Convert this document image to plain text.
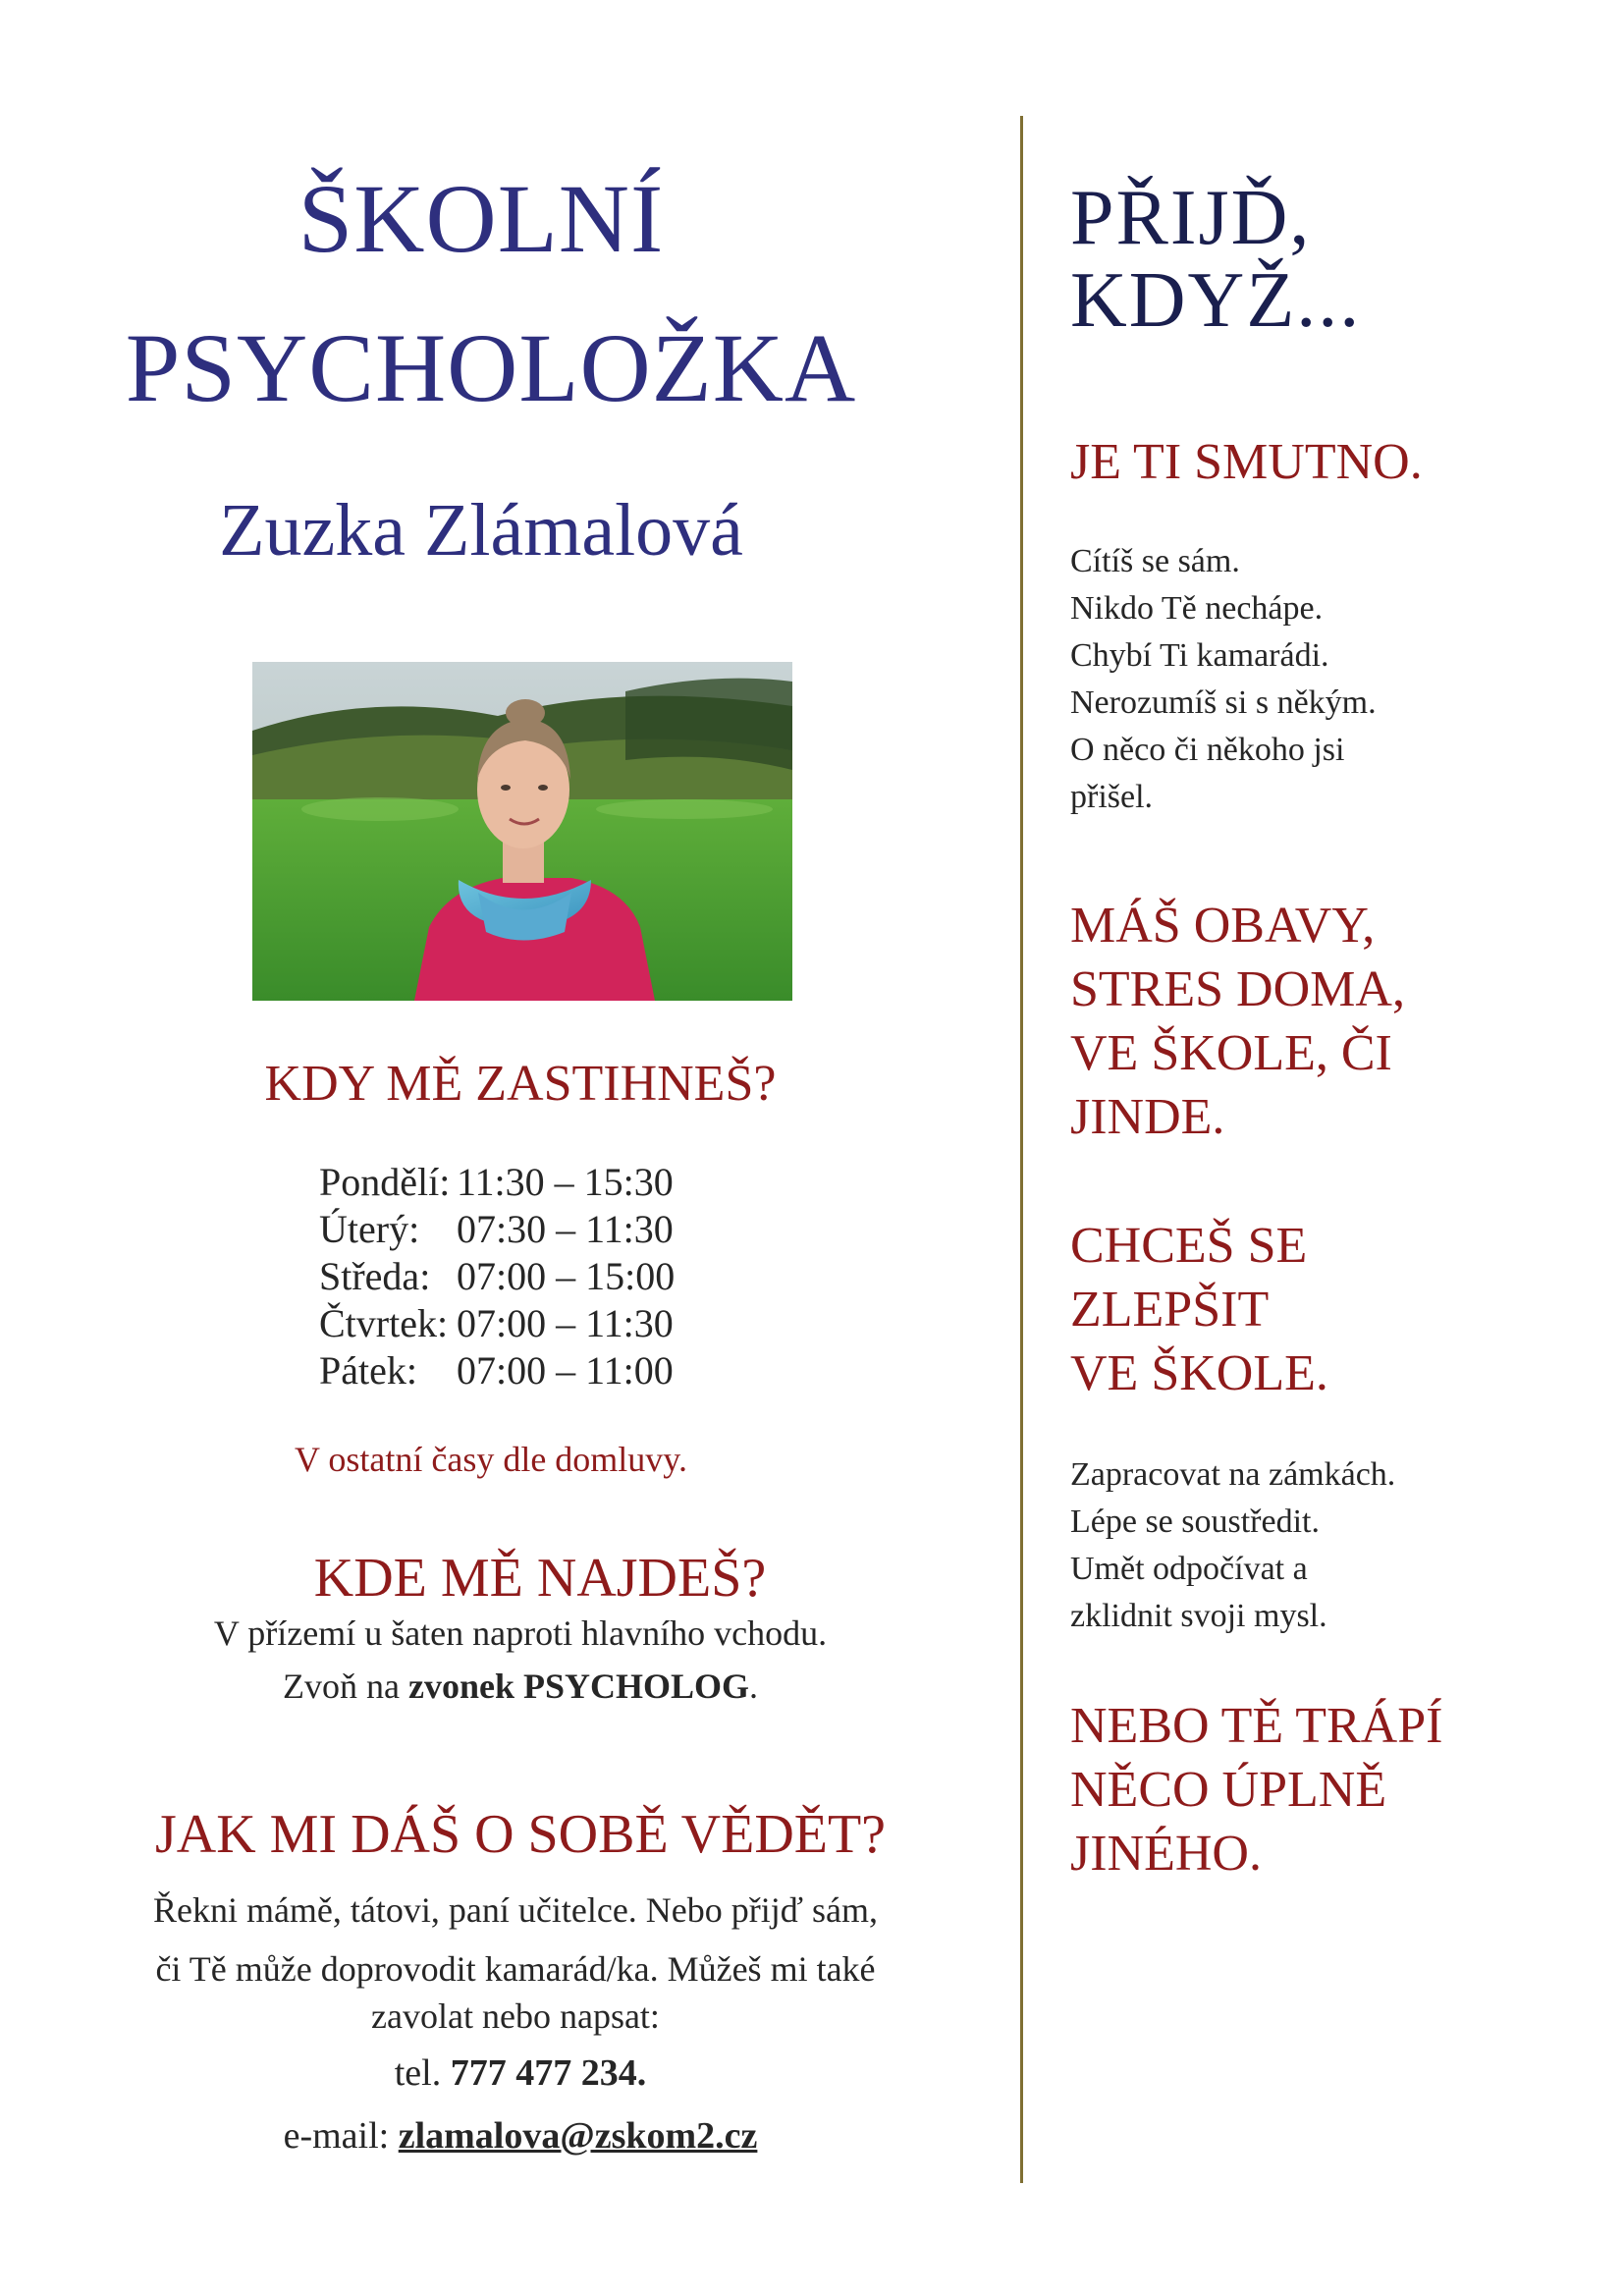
ŠKOLNÍ
PSYCHOLOŽKA
Zuzka Zlámalová
KDY MĚ ZASTIHNEŠ?
Pondělí: 11:30 – 15:30
Úterý: 07:30 – 11:30
Středa: 07:00 – 15:00
Čtvrtek: 07:00 – 11:30
Pátek: 07:00 – 11:00
V ostatní časy dle domluvy.
KDE MĚ NAJDEŠ?
V přízemí u šaten naproti hlavního vchodu.
Zvoň na zvonek PSYCHOLOG.
JAK MI DÁŠ O SOBĚ VĚDĚT?
Řekni mámě, tátovi, paní učitelce. Nebo přijď sám,
či Tě může doprovodit kamarád/ka. Můžeš mi také
zavolat nebo napsat:
tel. 777 477 234.
e-mail: zlamalova@zskom2.cz
PŘIJĎ,
KDYŽ...
JE TI SMUTNO.
Cítíš se sám.
Nikdo Tě nechápe.
Chybí Ti kamarádi.
Nerozumíš si s někým.
O něco či někoho jsi
přišel.
MÁŠ OBAVY,
STRES DOMA,
VE ŠKOLE, ČI
JINDE.
CHCEŠ SE
ZLEPŠIT
VE ŠKOLE.
Zapracovat na zámkách.
Lépe se soustředit.
Umět odpočívat a
zklidnit svoji mysl.
NEBO TĚ TRÁPÍ
NĚCO ÚPLNĚ
JINÉHO.
